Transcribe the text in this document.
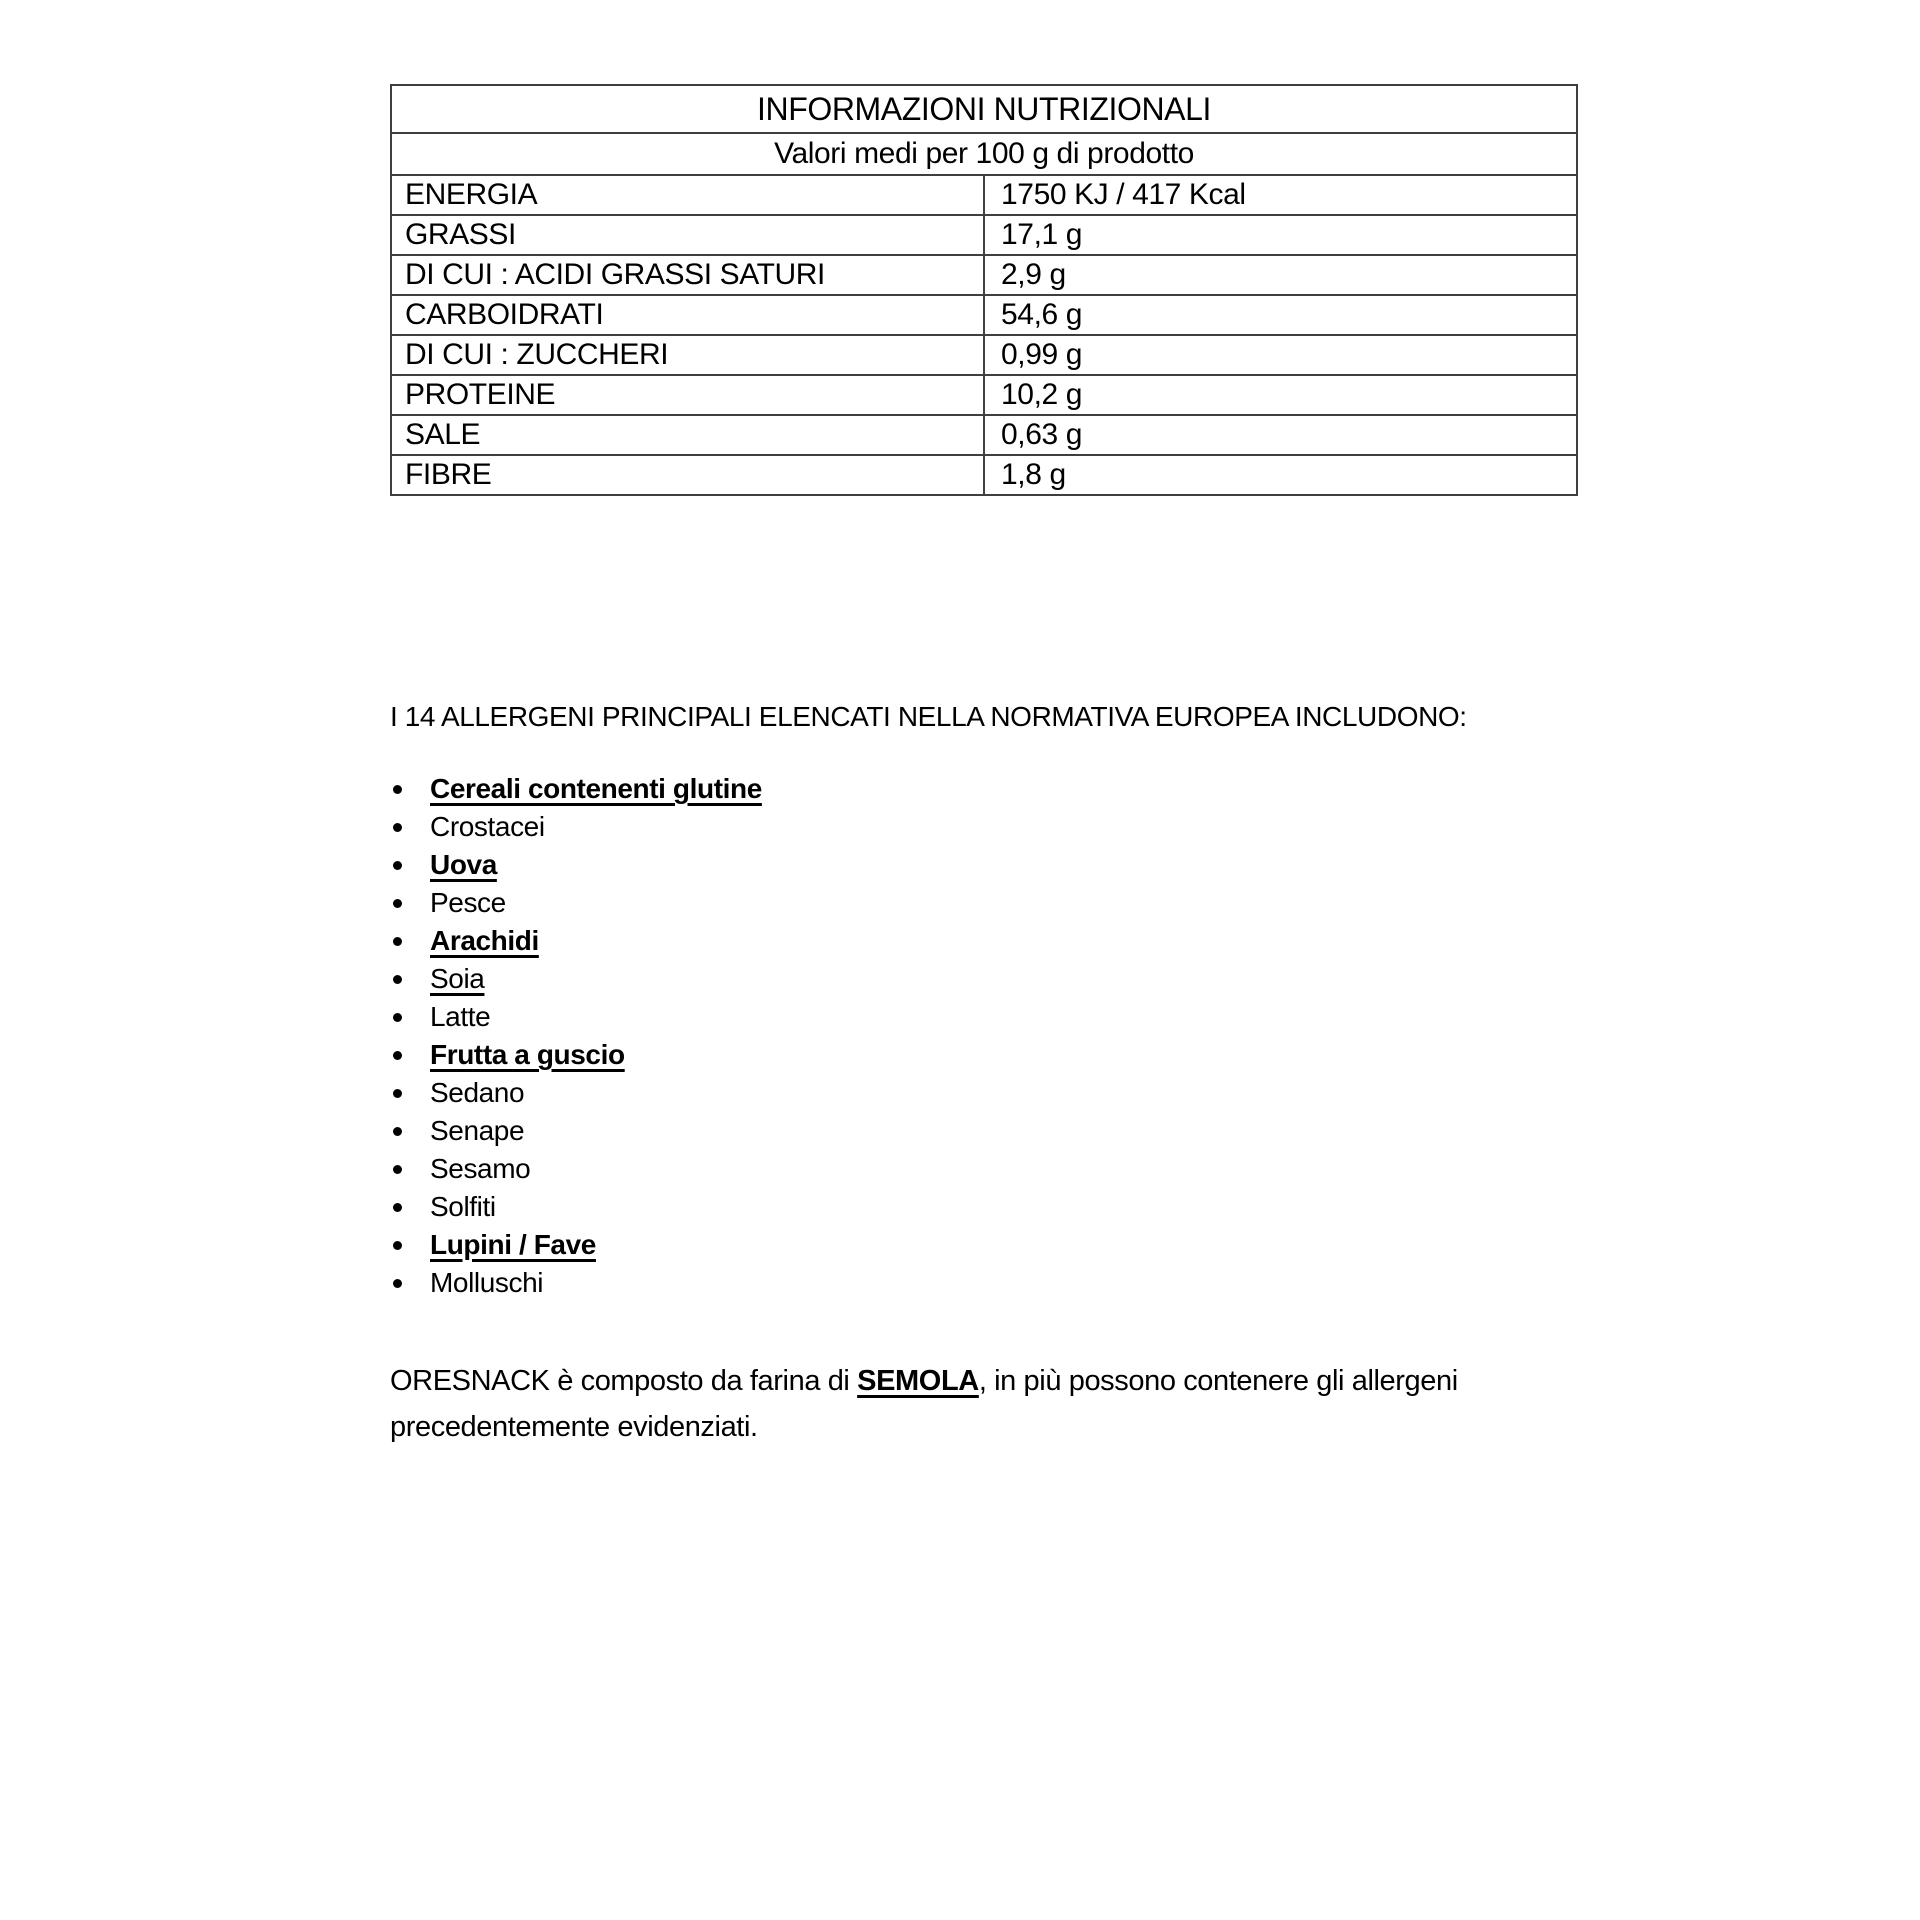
INFORMAZIONI NUTRIZIONALI	
Valori medi per 100 g di prodotto	
ENERGIA	1750 KJ / 417 Kcal
GRASSI	17,1 g
DI CUI : ACIDI GRASSI SATURI	2,9 g
CARBOIDRATI	54,6 g
DI CUI : ZUCCHERI	0,99 g
PROTEINE	10,2 g
SALE	0,63 g
FIBRE	1,8 g

I 14 ALLERGENI PRINCIPALI ELENCATI NELLA NORMATIVA EUROPEA INCLUDONO:

Cereali contenenti glutine
Crostacei
Uova
Pesce
Arachidi
Soia
Latte
Frutta a guscio
Sedano
Senape
Sesamo
Solfiti
Lupini / Fave
Molluschi

ORESNACK è composto da farina di SEMOLA, in più possono contenere gli allergeni precedentemente evidenziati.
